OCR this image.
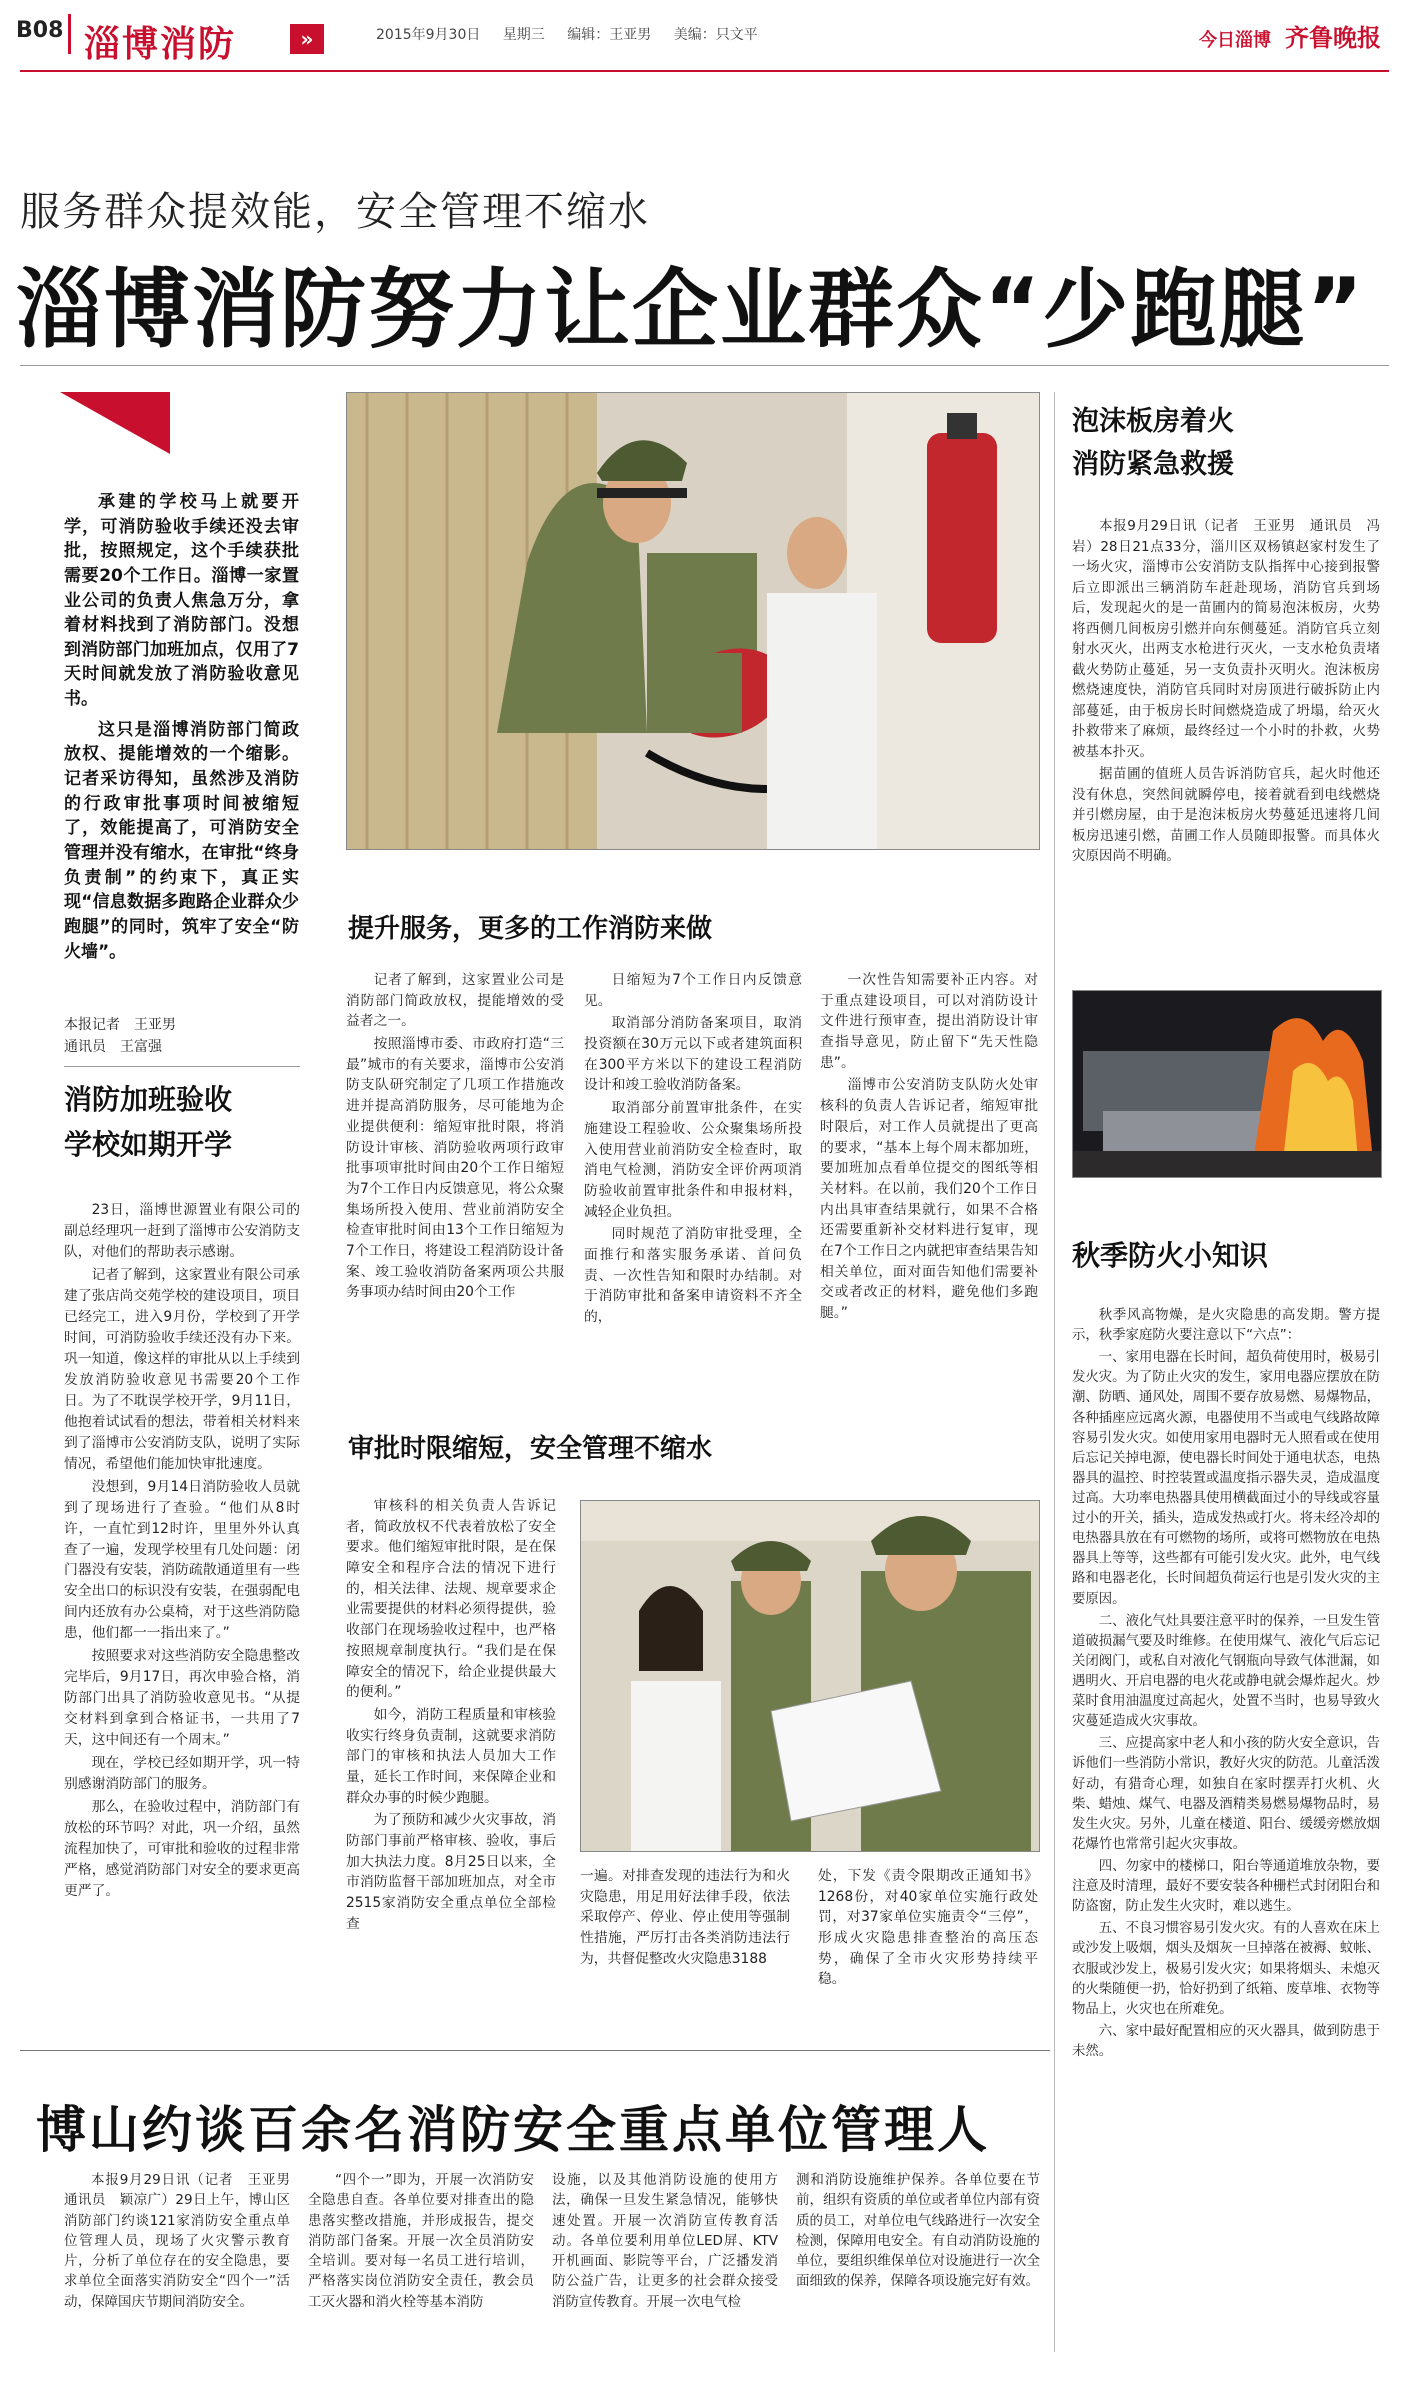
B08 淄博消防	»	2015年9月30日 星期三 编辑：王亚男 美编：只文平	今日淄博 齐鲁晚报
服务群众提效能，安全管理不缩水
淄博消防努力让企业群众“少跑腿”

承建的学校马上就要开学，可消防验收手续还没去审批，按照规定，这个手续获批需要20个工作日。淄博一家置业公司的负责人焦急万分，拿着材料找到了消防部门。没想到消防部门加班加点，仅用了7天时间就发放了消防验收意见书。

这只是淄博消防部门简政放权、提能增效的一个缩影。记者采访得知，虽然涉及消防的行政审批事项时间被缩短了，效能提高了，可消防安全管理并没有缩水，在审批“终身负责制”的约束下，真正实现“信息数据多跑路企业群众少跑腿”的同时，筑牢了安全“防火墙”。

本报记者　王亚男
通讯员　王富强
消防加班验收
学校如期开学

23日，淄博世源置业有限公司的副总经理巩一赶到了淄博市公安消防支队，对他们的帮助表示感谢。

记者了解到，这家置业有限公司承建了张店尚交苑学校的建设项目，项目已经完工，进入9月份，学校到了开学时间，可消防验收手续还没有办下来。巩一知道，像这样的审批从以上手续到发放消防验收意见书需要20个工作日。为了不耽误学校开学，9月11日，他抱着试试看的想法，带着相关材料来到了淄博市公安消防支队，说明了实际情况，希望他们能加快审批速度。

没想到，9月14日消防验收人员就到了现场进行了查验。“他们从8时许，一直忙到12时许，里里外外认真查了一遍，发现学校里有几处问题：闭门器没有安装，消防疏散通道里有一些安全出口的标识没有安装，在强弱配电间内还放有办公桌椅，对于这些消防隐患，他们都一一指出来了。”

按照要求对这些消防安全隐患整改完毕后，9月17日，再次申验合格，消防部门出具了消防验收意见书。“从提交材料到拿到合格证书，一共用了7天，这中间还有一个周末。”

现在，学校已经如期开学，巩一特别感谢消防部门的服务。

那么，在验收过程中，消防部门有放松的环节吗？对此，巩一介绍，虽然流程加快了，可审批和验收的过程非常严格，感觉消防部门对安全的要求更高更严了。

提升服务，更多的工作消防来做

记者了解到，这家置业公司是消防部门简政放权，提能增效的受益者之一。

按照淄博市委、市政府打造“三最”城市的有关要求，淄博市公安消防支队研究制定了几项工作措施改进并提高消防服务，尽可能地为企业提供便利：缩短审批时限，将消防设计审核、消防验收两项行政审批事项审批时间由20个工作日缩短为7个工作日内反馈意见，将公众聚集场所投入使用、营业前消防安全检查审批时间由13个工作日缩短为7个工作日，将建设工程消防设计备案、竣工验收消防备案两项公共服务事项办结时间由20个工作

日缩短为7个工作日内反馈意见。

取消部分消防备案项目，取消投资额在30万元以下或者建筑面积在300平方米以下的建设工程消防设计和竣工验收消防备案。

取消部分前置审批条件，在实施建设工程验收、公众聚集场所投入使用营业前消防安全检查时，取消电气检测，消防安全评价两项消防验收前置审批条件和申报材料，减轻企业负担。

同时规范了消防审批受理，全面推行和落实服务承诺、首问负责、一次性告知和限时办结制。对于消防审批和备案申请资料不齐全的，

一次性告知需要补正内容。对于重点建设项目，可以对消防设计文件进行预审查，提出消防设计审查指导意见，防止留下“先天性隐患”。

淄博市公安消防支队防火处审核科的负责人告诉记者，缩短审批时限后，对工作人员就提出了更高的要求，“基本上每个周末都加班，要加班加点看单位提交的图纸等相关材料。在以前，我们20个工作日内出具审查结果就行，如果不合格还需要重新补交材料进行复审，现在7个工作日之内就把审查结果告知相关单位，面对面告知他们需要补交或者改正的材料，避免他们多跑腿。”

审批时限缩短，安全管理不缩水

审核科的相关负责人告诉记者，简政放权不代表着放松了安全要求。他们缩短审批时限，是在保障安全和程序合法的情况下进行的，相关法律、法规、规章要求企业需要提供的材料必须得提供，验收部门在现场验收过程中，也严格按照规章制度执行。“我们是在保障安全的情况下，给企业提供最大的便利。”

如今，消防工程质量和审核验收实行终身负责制，这就要求消防部门的审核和执法人员加大工作量，延长工作时间，来保障企业和群众办事的时候少跑腿。

为了预防和减少火灾事故，消防部门事前严格审核、验收，事后加大执法力度。8月25日以来，全市消防监督干部加班加点，对全市2515家消防安全重点单位全部检查

一遍。对排查发现的违法行为和火灾隐患，用足用好法律手段，依法采取停产、停业、停止使用等强制性措施，严厉打击各类消防违法行为，共督促整改火灾隐患3188

处，下发《责令限期改正通知书》1268份，对40家单位实施行政处罚，对37家单位实施责令“三停”，形成火灾隐患排查整治的高压态势，确保了全市火灾形势持续平稳。

泡沫板房着火
消防紧急救援

本报9月29日讯（记者　王亚男　通讯员　冯岩）28日21点33分，淄川区双杨镇赵家村发生了一场火灾，淄博市公安消防支队指挥中心接到报警后立即派出三辆消防车赶赴现场，消防官兵到场后，发现起火的是一苗圃内的简易泡沫板房，火势将西侧几间板房引燃并向东侧蔓延。消防官兵立刻射水灭火，出两支水枪进行灭火，一支水枪负责堵截火势防止蔓延，另一支负责扑灭明火。泡沫板房燃烧速度快，消防官兵同时对房顶进行破拆防止内部蔓延，由于板房长时间燃烧造成了坍塌，给灭火扑救带来了麻烦，最终经过一个小时的扑救，火势被基本扑灭。

据苗圃的值班人员告诉消防官兵，起火时他还没有休息，突然间就瞬停电，接着就看到电线燃烧并引燃房屋，由于是泡沫板房火势蔓延迅速将几间板房迅速引燃，苗圃工作人员随即报警。而具体火灾原因尚不明确。

秋季防火小知识

秋季风高物燥，是火灾隐患的高发期。警方提示，秋季家庭防火要注意以下“六点”：

一、家用电器在长时间，超负荷使用时，极易引发火灾。为了防止火灾的发生，家用电器应摆放在防潮、防晒、通风处，周围不要存放易燃、易爆物品，各种插座应远离火源，电器使用不当或电气线路故障容易引发火灾。如使用家用电器时无人照看或在使用后忘记关掉电源，使电器长时间处于通电状态，电热器具的温控、时控装置或温度指示器失灵，造成温度过高。大功率电热器具使用横截面过小的导线或容量过小的开关，插头，造成发热或打火。将未经冷却的电热器具放在有可燃物的场所，或将可燃物放在电热器具上等等，这些都有可能引发火灾。此外，电气线路和电器老化，长时间超负荷运行也是引发火灾的主要原因。

二、液化气灶具要注意平时的保养，一旦发生管道破损漏气要及时维修。在使用煤气、液化气后忘记关闭阀门，或私自对液化气钢瓶向导致气体泄漏，如遇明火、开启电器的电火花或静电就会爆炸起火。炒菜时食用油温度过高起火，处置不当时，也易导致火灾蔓延造成火灾事故。

三、应提高家中老人和小孩的防火安全意识，告诉他们一些消防小常识，教好火灾的防范。儿童活泼好动，有猎奇心理，如独自在家时摆弄打火机、火柴、蜡烛、煤气、电器及酒精类易燃易爆物品时，易发生火灾。另外，儿童在楼道、阳台、缓缓旁燃放烟花爆竹也常常引起火灾事故。

四、勿家中的楼梯口，阳台等通道堆放杂物，要注意及时清理，最好不要安装各种栅栏式封闭阳台和防盗窗，防止发生火灾时，难以逃生。

五、不良习惯容易引发火灾。有的人喜欢在床上或沙发上吸烟，烟头及烟灰一旦掉落在被褥、蚊帐、衣服或沙发上，极易引发火灾；如果将烟头、未熄灭的火柴随便一扔，恰好扔到了纸箱、废草堆、衣物等物品上，火灾也在所难免。

六、家中最好配置相应的灭火器具，做到防患于未然。

博山约谈百余名消防安全重点单位管理人

本报9月29日讯（记者　王亚男　通讯员　颖凉广）29日上午，博山区消防部门约谈121家消防安全重点单位管理人员，现场了火灾警示教育片，分析了单位存在的安全隐患，要求单位全面落实消防安全“四个一”活动，保障国庆节期间消防安全。

“四个一”即为，开展一次消防安全隐患自查。各单位要对排查出的隐患落实整改措施，并形成报告，提交消防部门备案。开展一次全员消防安全培训。要对每一名员工进行培训，严格落实岗位消防安全责任，教会员工灭火器和消火栓等基本消防

设施，以及其他消防设施的使用方法，确保一旦发生紧急情况，能够快速处置。开展一次消防宣传教育活动。各单位要利用单位LED屏、KTV开机画面、影院等平台，广泛播发消防公益广告，让更多的社会群众接受消防宣传教育。开展一次电气检

测和消防设施维护保养。各单位要在节前，组织有资质的单位或者单位内部有资质的员工，对单位电气线路进行一次安全检测，保障用电安全。有自动消防设施的单位，要组织维保单位对设施进行一次全面细致的保养，保障各项设施完好有效。
